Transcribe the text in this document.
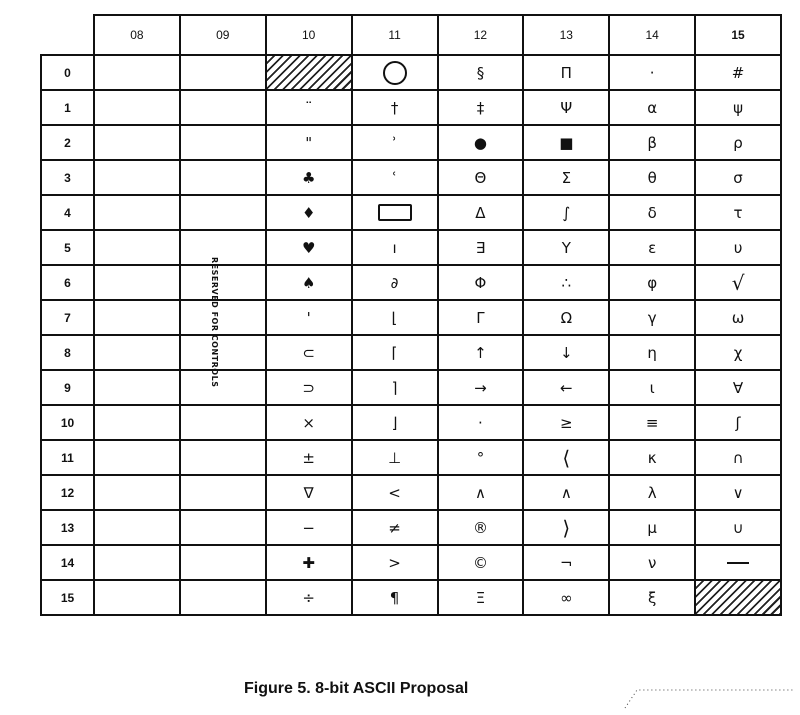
	08	09	10	11	12	13	14	15
0					§	Π	·	#
1			¨	†	‡	Ψ	α	ψ
2			"	ʾ	●	■	β	ρ
3			♣	ʿ	Θ	Σ	θ	σ
4			♦		Δ	∫	δ	τ
5			♥	ı	∃	Υ	ε	υ
6			♠	∂	Φ	∴	φ	√
7			'	⌊	Γ	Ω	γ	ω
8			⊂	⌈	↑	↓	η	χ
9			⊃	⌉	→	←	ι	∀
10			×	⌋	·	≥	≡	ʃ
11			±	⊥	°	⟨	κ	∩
12			∇	<	∧	∧	λ	∨
13			−	≠	®	⟩	μ	∪
14			✚	>	©	¬	ν	
15			÷	¶	Ξ	∞	ξ	
RESERVED FOR CONTROLS
Figure 5. 8-bit ASCII Proposal
